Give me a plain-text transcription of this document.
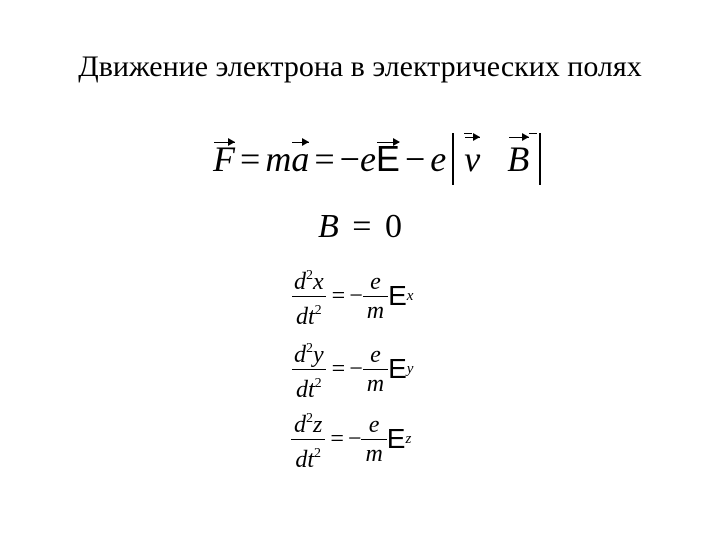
Движение электрона в электрических полях
F = m a = − e E − e v B
B = 0
$\frac{d^2x}{dt^2}$ = − $\frac{e}{m}$ E x
$\frac{d^2y}{dt^2}$ = − $\frac{e}{m}$ E y
$\frac{d^2z}{dt^2}$ = − $\frac{e}{m}$ E z
